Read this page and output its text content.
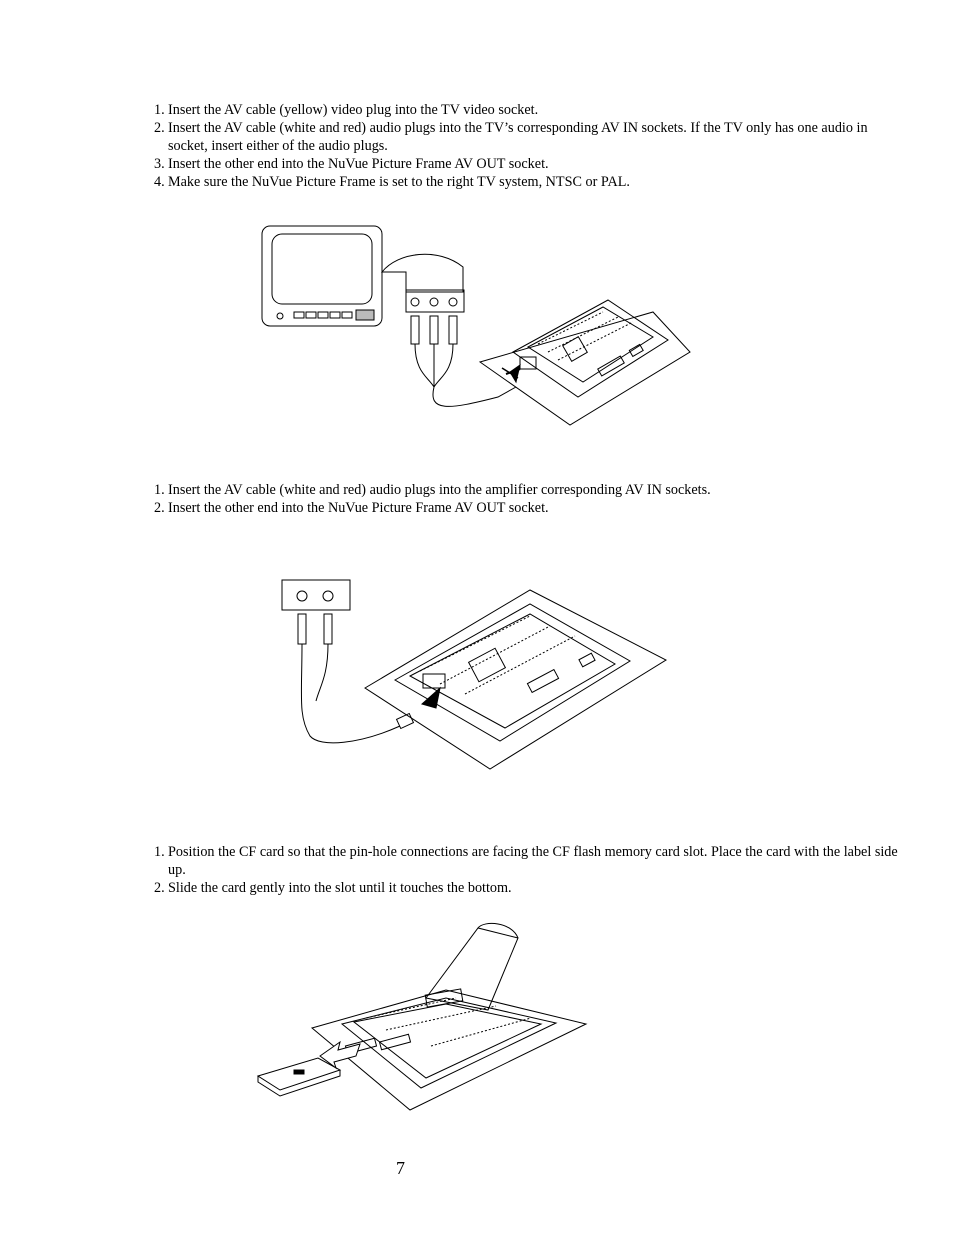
1. Insert the AV cable (yellow) video plug into the TV video socket.
2. Insert the AV cable (white and red) audio plugs into the TV’s corresponding AV IN sockets. If the TV only has one audio in socket, insert either of the audio plugs.
3. Insert the other end into the NuVue Picture Frame AV OUT socket.
4. Make sure the NuVue Picture Frame is set to the right TV system, NTSC or PAL.
1. Insert the AV cable (white and red) audio plugs into the amplifier corresponding AV IN sockets.
2. Insert the other end into the NuVue Picture Frame AV OUT socket.
1. Position the CF card so that the pin-hole connections are facing the CF flash memory card slot. Place the card with the label side up.
2. Slide the card gently into the slot until it touches the bottom.
7
